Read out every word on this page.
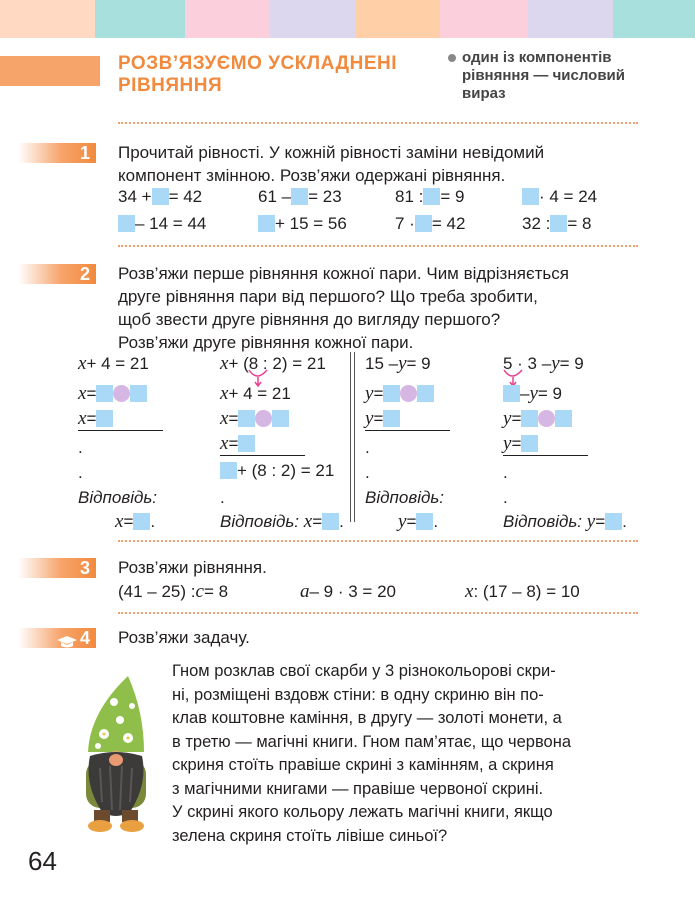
РОЗВ’ЯЗУЄМО УСКЛАДНЕНІ
РІВНЯННЯ
один із компонентів
рівняння — числовий
вираз
1	Прочитай рівності. У кожній рівності заміни невідомий
компонент змінною. Розв’яжи одержані рівняння.
34 + = 42	61 – = 23	81 : = 9	· 4 = 24
– 14 = 44	+ 15 = 56	7 · = 42	32 : = 8
2	Розв’яжи перше рівняння кожної пари. Чим відрізняється
друге рівняння пари від першого? Що треба зробити,
щоб звести друге рівняння до вигляду першого?
Розв’яжи друге рівняння кожної пари.
x+ 4 = 21
x=
x=
.
.
Відповідь:
x= .
x+ (8 : 2) = 21
x+ 4 = 21
x=
x=
+ (8 : 2) = 21
.
Відповідь: x= .
15 –y= 9
y=
y=
.
.
Відповідь:
y= .
5 · 3 –y= 9
–y= 9
y=
y=
.
.
Відповідь: y= .
3	Розв’яжи рівняння.
(41 – 25) :c= 8	a– 9 · 3 = 20	x: (17 – 8) = 10
4	Розв’яжи задачу.
Гном розклав свої скарби у 3 різнокольорові скри-
ні, розміщені вздовж стіни: в одну скриню він по-
клав коштовне каміння, в другу — золоті монети, а
в третю — магічні книги. Гном пам’ятає, що червона
скриня стоїть правіше скрині з камінням, а скриня
з магічними книгами — правіше червоної скрині.
У скрині якого кольору лежать магічні книги, якщо
зелена скриня стоїть лівіше синьої?
64
